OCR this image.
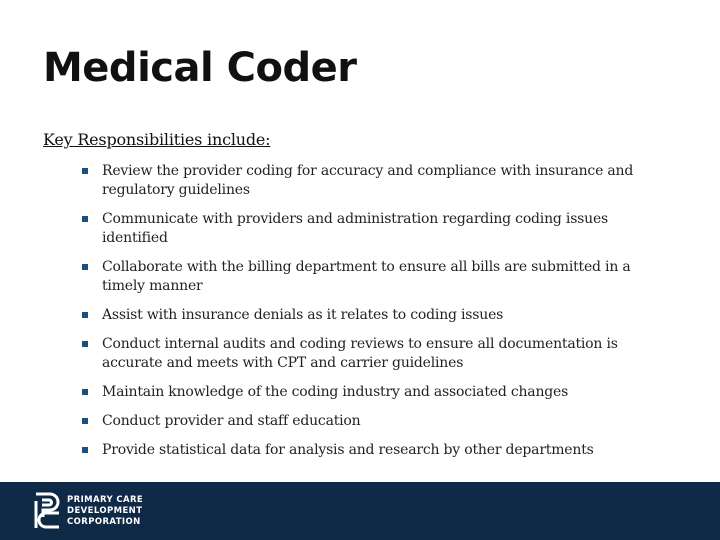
Medical Coder
Key Responsibilities include:
Review the provider coding for accuracy and compliance with insurance and regulatory guidelines
Communicate with providers and administration regarding coding issues identified
Collaborate with the billing department to ensure all bills are submitted in a timely manner
Assist with insurance denials as it relates to coding issues
Conduct internal audits and coding reviews to ensure all documentation is accurate and meets with CPT and carrier guidelines
Maintain knowledge of the coding industry and associated changes
Conduct provider and staff education
Provide statistical data for analysis and research by other departments
PRIMARY CARE
DEVELOPMENT
CORPORATION
